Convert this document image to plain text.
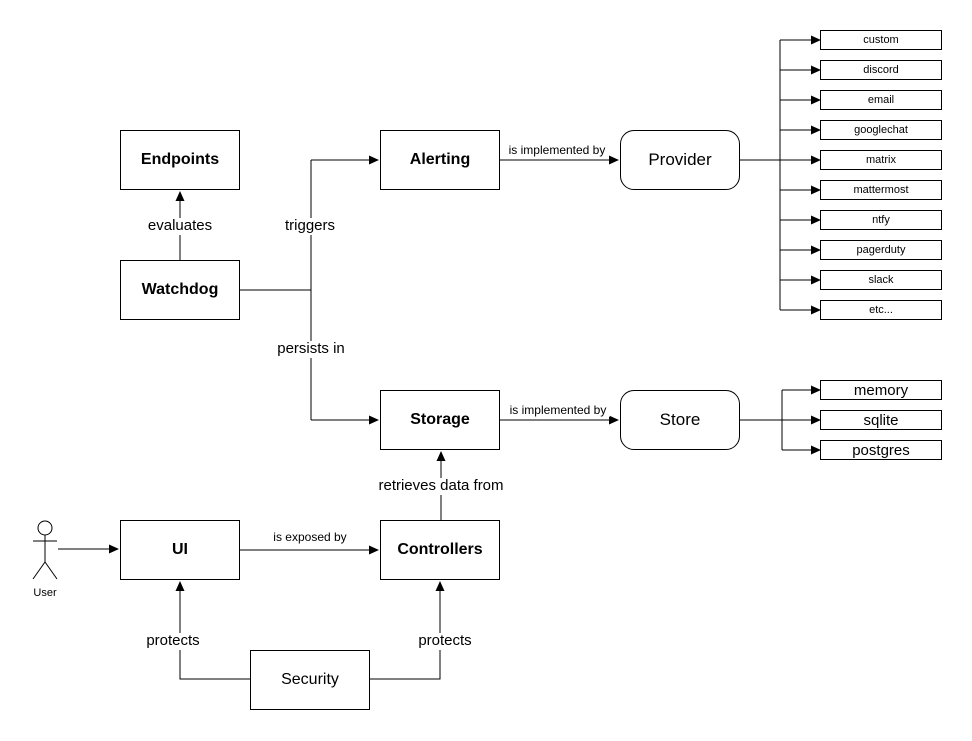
Endpoints
Watchdog
Alerting	Provider
Storage	Store
UI	Controllers
Security
custom
discord
email
googlechat
matrix
mattermost
ntfy
pagerduty
slack
etc...
memory
sqlite
postgres
evaluates	triggers
persists in
is implemented by
is implemented by
retrieves data from
is exposed by
protects	protects
User
